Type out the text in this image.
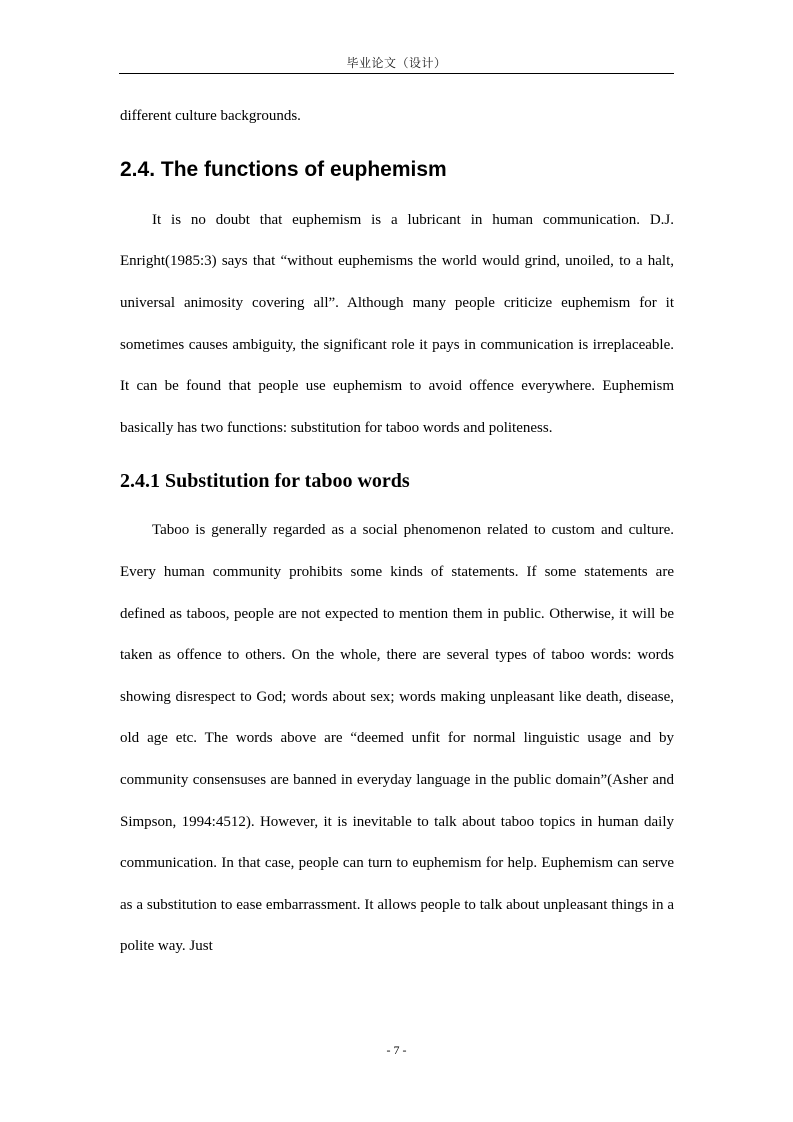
毕业论文（设计）

different culture backgrounds.

2.4. The functions of euphemism

It is no doubt that euphemism is a lubricant in human communication. D.J. Enright(1985:3) says that “without euphemisms the world would grind, unoiled, to a halt, universal animosity covering all”. Although many people criticize euphemism for it sometimes causes ambiguity, the significant role it pays in communication is irreplaceable. It can be found that people use euphemism to avoid offence everywhere. Euphemism basically has two functions: substitution for taboo words and politeness.

2.4.1 Substitution for taboo words

Taboo is generally regarded as a social phenomenon related to custom and culture. Every human community prohibits some kinds of statements. If some statements are defined as taboos, people are not expected to mention them in public. Otherwise, it will be taken as offence to others. On the whole, there are several types of taboo words: words showing disrespect to God; words about sex; words making unpleasant like death, disease, old age etc. The words above are “deemed unfit for normal linguistic usage and by community consensuses are banned in everyday language in the public domain”(Asher and Simpson, 1994:4512). However, it is inevitable to talk about taboo topics in human daily communication. In that case, people can turn to euphemism for help. Euphemism can serve as a substitution to ease embarrassment. It allows people to talk about unpleasant things in a polite way. Just

- 7 -
